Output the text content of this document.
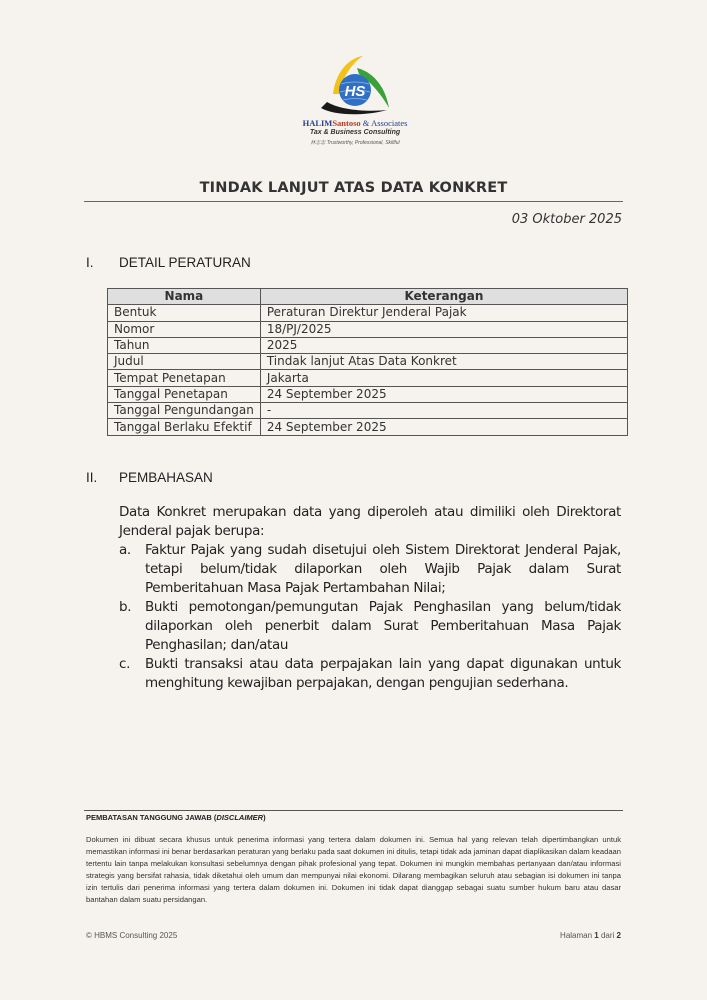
HS
HALIMSantoso & Associates
Tax & Business Consulting
林志忠 Trustworthy, Professional, Skillful
TINDAK LANJUT ATAS DATA KONKRET
03 Oktober 2025
I. DETAIL PERATURAN
Nama	Keterangan
Bentuk	Peraturan Direktur Jenderal Pajak
Nomor	18/PJ/2025
Tahun	2025
Judul	Tindak lanjut Atas Data Konkret
Tempat Penetapan	Jakarta
Tanggal Penetapan	24 September 2025
Tanggal Pengundangan	-
Tanggal Berlaku Efektif	24 September 2025
II. PEMBAHASAN

Data Konkret merupakan data yang diperoleh atau dimiliki oleh Direktorat Jenderal pajak berupa:

a. Faktur Pajak yang sudah disetujui oleh Sistem Direktorat Jenderal Pajak, tetapi belum/tidak dilaporkan oleh Wajib Pajak dalam Surat Pemberitahuan Masa Pajak Pertambahan Nilai;
b. Bukti pemotongan/pemungutan Pajak Penghasilan yang belum/tidak dilaporkan oleh penerbit dalam Surat Pemberitahuan Masa Pajak Penghasilan; dan/atau
c. Bukti transaksi atau data perpajakan lain yang dapat digunakan untuk menghitung kewajiban perpajakan, dengan pengujian sederhana.
PEMBATASAN TANGGUNG JAWAB (DISCLAIMER)
Dokumen ini dibuat secara khusus untuk penerima informasi yang tertera dalam dokumen ini. Semua hal yang relevan telah dipertimbangkan untuk memastikan informasi ini benar berdasarkan peraturan yang berlaku pada saat dokumen ini ditulis, tetapi tidak ada jaminan dapat diaplikasikan dalam keadaan tertentu lain tanpa melakukan konsultasi sebelumnya dengan pihak profesional yang tepat. Dokumen ini mungkin membahas pertanyaan dan/atau informasi strategis yang bersifat rahasia, tidak diketahui oleh umum dan mempunyai nilai ekonomi. Dilarang membagikan seluruh atau sebagian isi dokumen ini tanpa izin tertulis dari penerima informasi yang tertera dalam dokumen ini. Dokumen ini tidak dapat dianggap sebagai suatu sumber hukum baru atau dasar bantahan dalam suatu persidangan.
© HBMS Consulting 2025	Halaman 1 dari 2
